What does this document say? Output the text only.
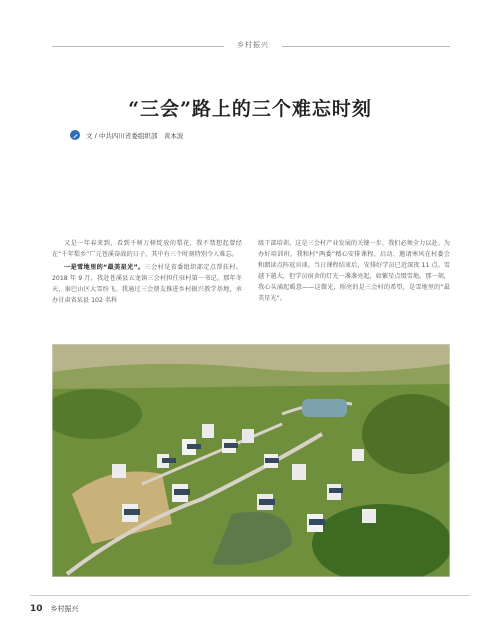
乡村振兴
“三会”路上的三个难忘时刻
文 / 中共四川省委组织部　黄本波

又是一年春来到，看到千树万树绽放的梨花，我不禁想起曾经在“千年梨乡”广元苍溪奋战的日子，其中有三个时刻特别令人难忘。

一是雪地里的“最美星光”。三会村是省委组织部定点帮扶村。2018 年 9 月，我赴苍溪县五龙镇三会村担任驻村第一书记。那年冬天，秦巴山区大雪纷飞。我通过三会朋友推进乡村振兴教学基地，承办甘肃省某县 102 名科

级干部培训。这是三会村产业发展的关键一步，我们必须全力以赴。为办好培训班，我和村“两委”精心安排课程、启动、邀请寒风在村委会和朗读点阵返宾谈。当日课程结束后，安排好学员已近深夜 11 点。雪越下越大，但学员宿舍的灯光一盏盏亮起，如繁星点缀雪地。那一刻，我心头涌起暖意——这微光，照亮的是三会村的希望，是雪地里的“最美星光”。

10 乡村振兴
